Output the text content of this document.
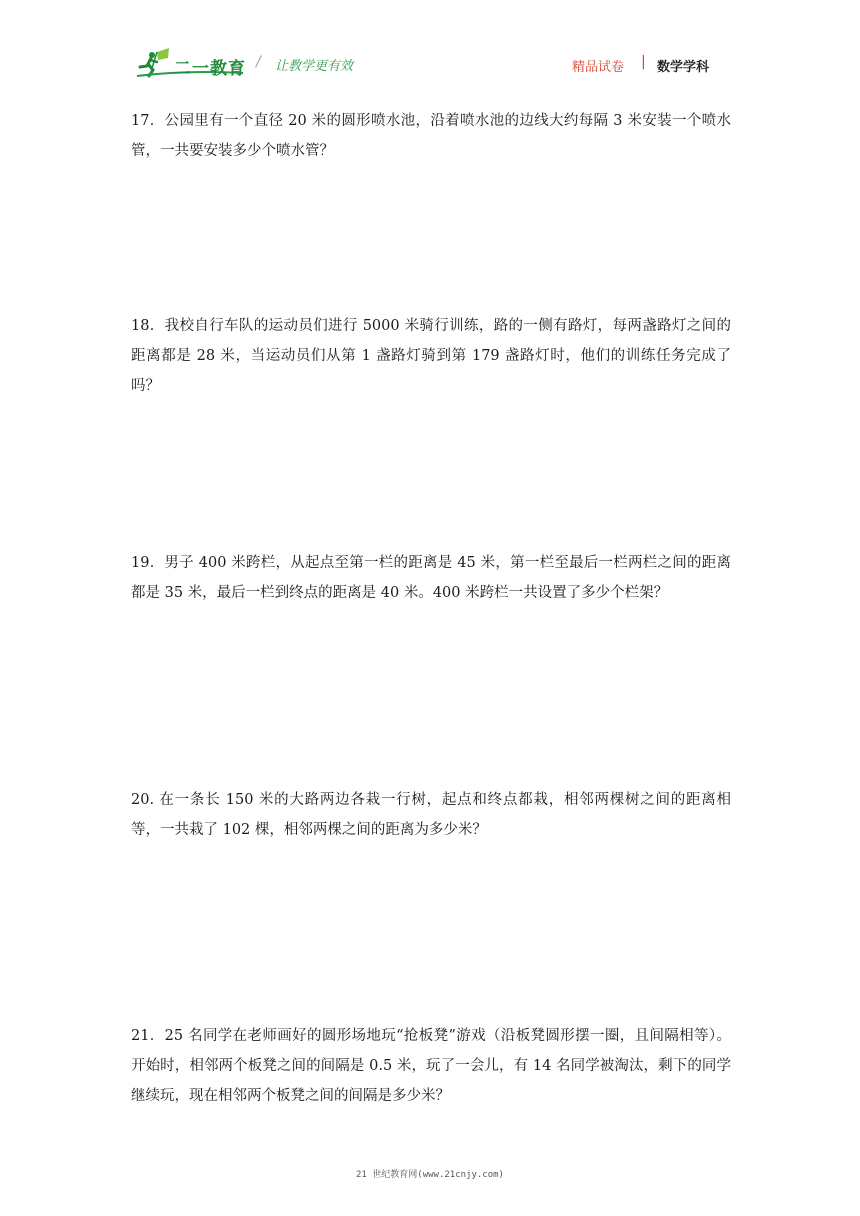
二一教育 / 让教学更有效	精品试卷 | 数学学科

17．公园里有一个直径 20 米的圆形喷水池，沿着喷水池的边线大约每隔 3 米安装一个喷水管，一共要安装多少个喷水管？

18．我校自行车队的运动员们进行 5000 米骑行训练，路的一侧有路灯，每两盏路灯之间的距离都是 28 米，当运动员们从第 1 盏路灯骑到第 179 盏路灯时，他们的训练任务完成了吗？

19．男子 400 米跨栏，从起点至第一栏的距离是 45 米，第一栏至最后一栏两栏之间的距离都是 35 米，最后一栏到终点的距离是 40 米。400 米跨栏一共设置了多少个栏架？

20. 在一条长 150 米的大路两边各栽一行树，起点和终点都栽，相邻两棵树之间的距离相等，一共栽了 102 棵，相邻两棵之间的距离为多少米？

21．25 名同学在老师画好的圆形场地玩“抢板凳”游戏（沿板凳圆形摆一圈，且间隔相等）。开始时，相邻两个板凳之间的间隔是 0.5 米，玩了一会儿，有 14 名同学被淘汰，剩下的同学继续玩，现在相邻两个板凳之间的间隔是多少米？

21 世纪教育网(www.21cnjy.com)
